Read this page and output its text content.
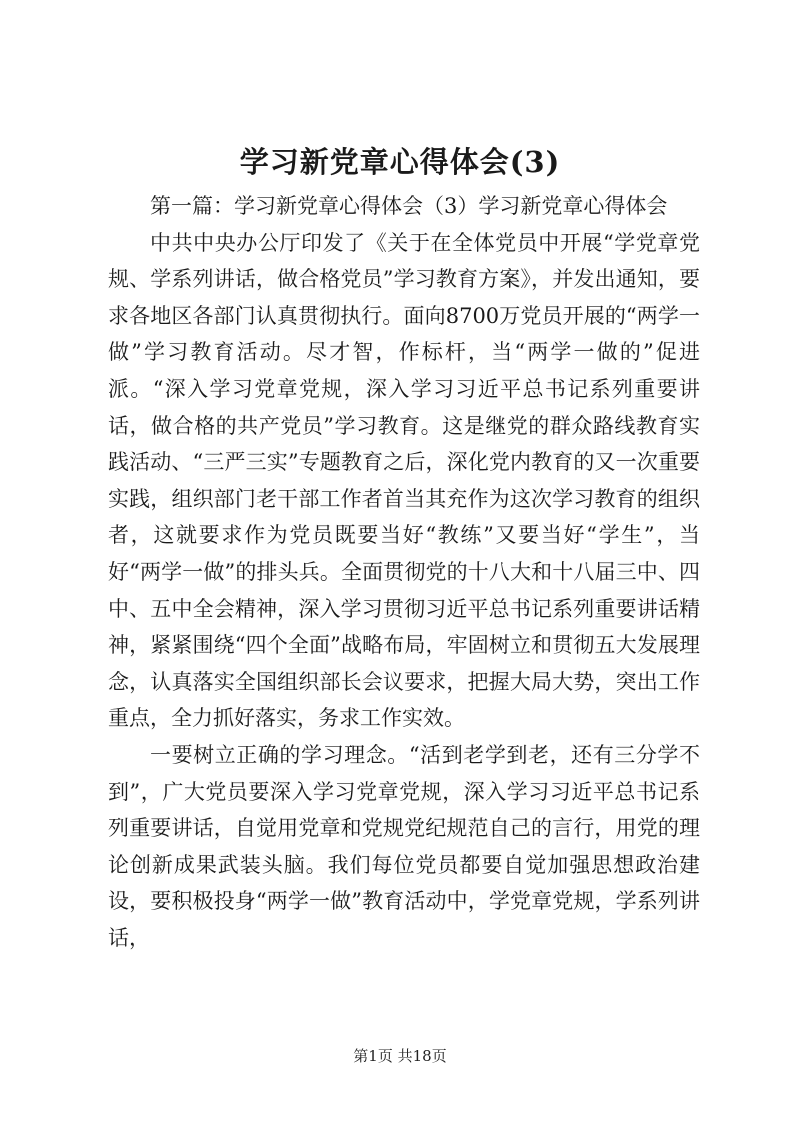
学习新党章心得体会(3)

第一篇：学习新党章心得体会（3）学习新党章心得体会

中共中央办公厅印发了《关于在全体党员中开展“学党章党规、学系列讲话，做合格党员”学习教育方案》，并发出通知，要求各地区各部门认真贯彻执行。面向8700万党员开展的“两学一做”学习教育活动。尽才智，作标杆，当“两学一做的”促进派。“深入学习党章党规，深入学习习近平总书记系列重要讲话，做合格的共产党员”学习教育。这是继党的群众路线教育实践活动、“三严三实”专题教育之后，深化党内教育的又一次重要实践，组织部门老干部工作者首当其充作为这次学习教育的组织者，这就要求作为党员既要当好“教练”又要当好“学生”，当好“两学一做”的排头兵。全面贯彻党的十八大和十八届三中、四中、五中全会精神，深入学习贯彻习近平总书记系列重要讲话精神，紧紧围绕“四个全面”战略布局，牢固树立和贯彻五大发展理念，认真落实全国组织部长会议要求，把握大局大势，突出工作重点，全力抓好落实，务求工作实效。

一要树立正确的学习理念。“活到老学到老，还有三分学不到”，广大党员要深入学习党章党规，深入学习习近平总书记系列重要讲话，自觉用党章和党规党纪规范自己的言行，用党的理论创新成果武装头脑。我们每位党员都要自觉加强思想政治建设，要积极投身“两学一做”教育活动中，学党章党规，学系列讲话，

第1页 共18页
